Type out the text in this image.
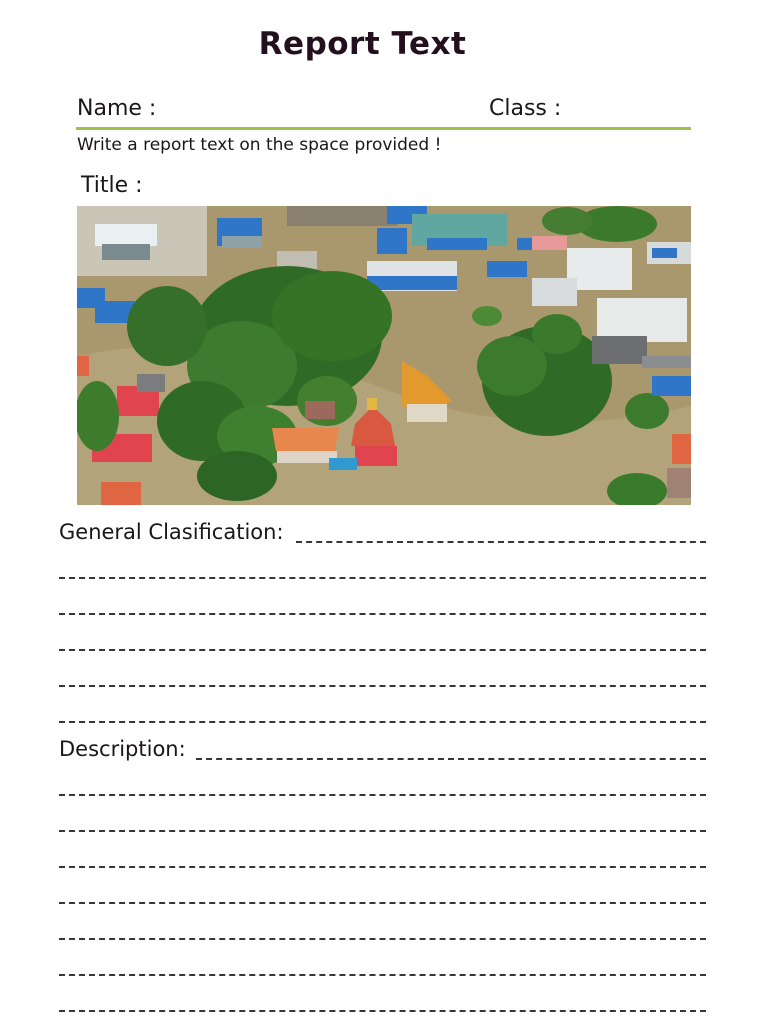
Report Text
Name :	Class :
Write a report text on the space provided !
Title :
General Clasification:
Description:
